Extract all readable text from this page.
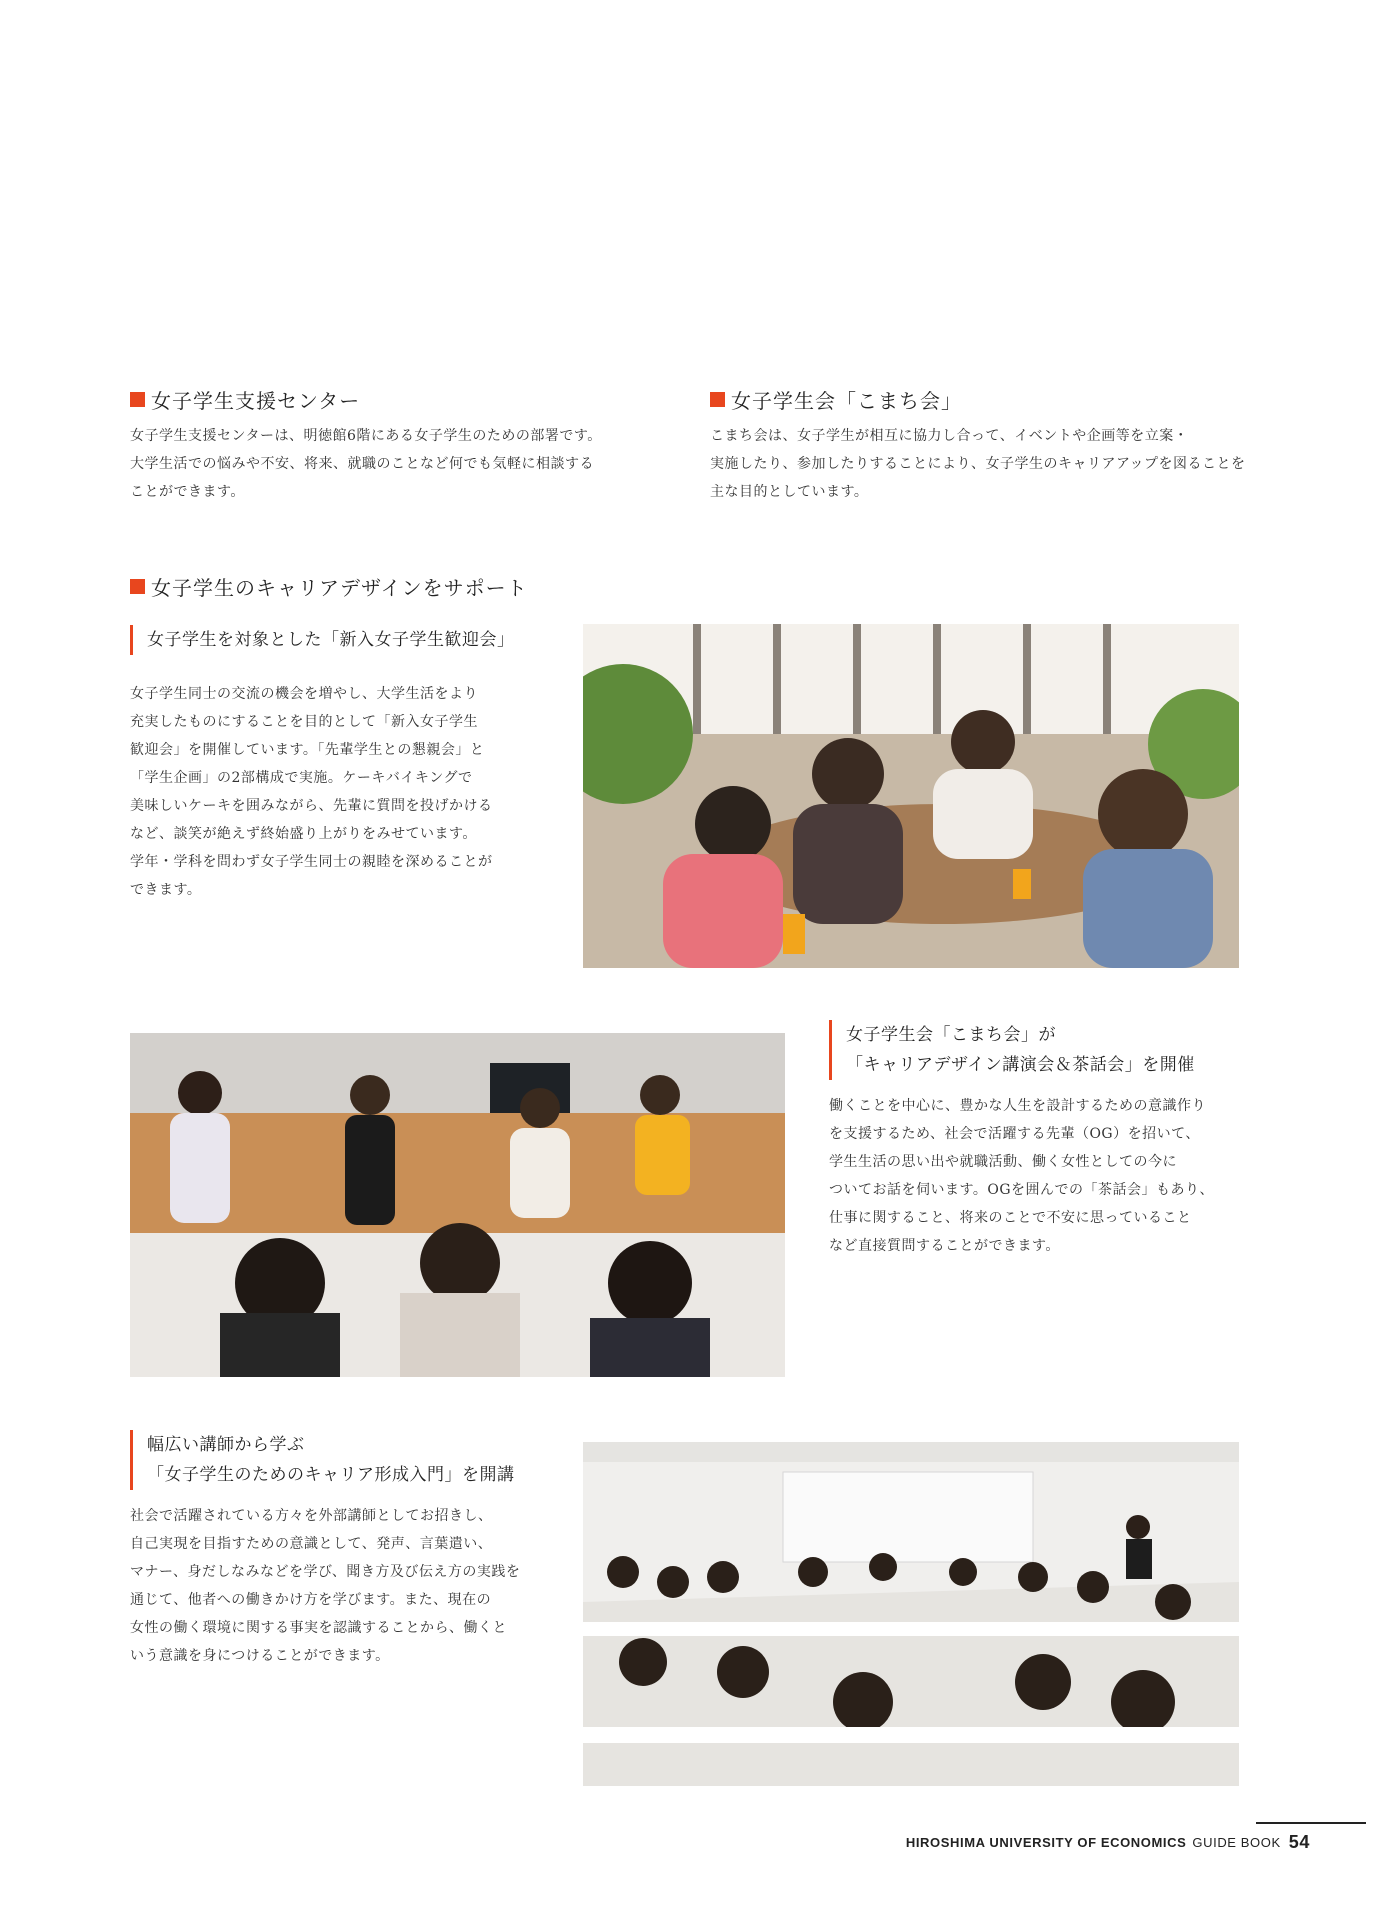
女子学生支援センター

女子学生支援センターは、明徳館6階にある女子学生のための部署です。

大学生活での悩みや不安、将来、就職のことなど何でも気軽に相談する

ことができます。

女子学生会「こまち会」

こまち会は、女子学生が相互に協力し合って、イベントや企画等を立案・

実施したり、参加したりすることにより、女子学生のキャリアアップを図ることを

主な目的としています。

女子学生のキャリアデザインをサポート
女子学生を対象とした「新入女子学生歓迎会」

女子学生同士の交流の機会を増やし、大学生活をより

充実したものにすることを目的として「新入女子学生

歓迎会」を開催しています。「先輩学生との懇親会」と

「学生企画」の2部構成で実施。ケーキバイキングで

美味しいケーキを囲みながら、先輩に質問を投げかける

など、談笑が絶えず終始盛り上がりをみせています。

学年・学科を問わず女子学生同士の親睦を深めることが

できます。

女子学生会「こまち会」が
「キャリアデザイン講演会＆茶話会」を開催

働くことを中心に、豊かな人生を設計するための意識作り

を支援するため、社会で活躍する先輩（OG）を招いて、

学生生活の思い出や就職活動、働く女性としての今に

ついてお話を伺います。OGを囲んでの「茶話会」もあり、

仕事に関すること、将来のことで不安に思っていること

など直接質問することができます。

幅広い講師から学ぶ
「女子学生のためのキャリア形成入門」を開講

社会で活躍されている方々を外部講師としてお招きし、

自己実現を目指すための意識として、発声、言葉遣い、

マナー、身だしなみなどを学び、聞き方及び伝え方の実践を

通じて、他者への働きかけ方を学びます。また、現在の

女性の働く環境に関する事実を認識することから、働くと

いう意識を身につけることができます。

HIROSHIMA UNIVERSITY OF ECONOMICS GUIDE BOOK 54
